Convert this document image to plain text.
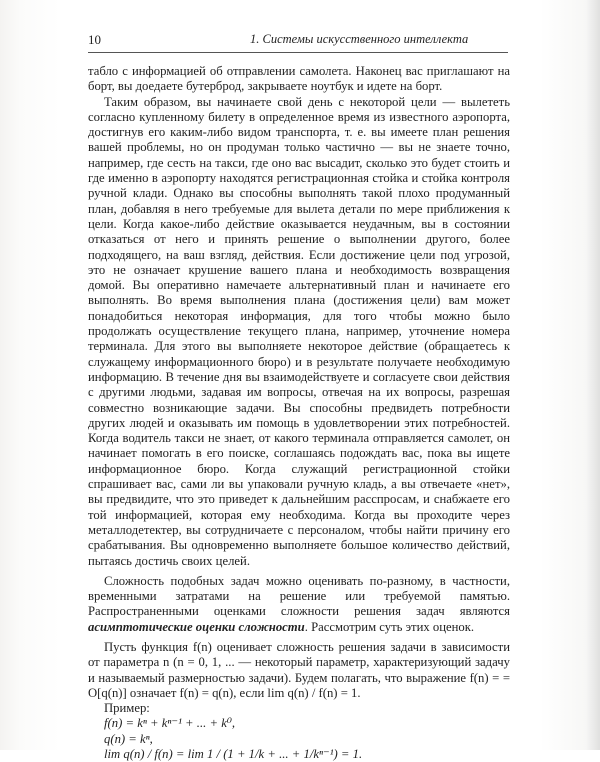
10	1. Системы искусственного интеллекта

табло с информацией об отправлении самолета. Наконец вас приглашают на борт, вы доедаете бутерброд, закрываете ноутбук и идете на борт.

Таким образом, вы начинаете свой день с некоторой цели — вылететь согласно купленному билету в определенное время из известного аэропорта, достигнув его каким-либо видом транспорта, т. е. вы имеете план решения вашей проблемы, но он продуман только частично — вы не знаете точно, например, где сесть на такси, где оно вас высадит, сколько это будет стоить и где именно в аэропорту находятся регистрационная стойка и стойка контроля ручной клади. Однако вы способны выполнять такой плохо продуманный план, добавляя в него требуемые для вылета детали по мере приближения к цели. Когда какое-либо действие оказывается неудачным, вы в состоянии отказаться от него и принять решение о выполнении другого, более подходящего, на ваш взгляд, действия. Если достижение цели под угрозой, это не означает крушение вашего плана и необходимость возвращения домой. Вы оперативно намечаете альтернативный план и начинаете его выполнять. Во время выполнения плана (достижения цели) вам может понадобиться некоторая информация, для того чтобы можно было продолжать осуществление текущего плана, например, уточнение номера терминала. Для этого вы выполняете некоторое действие (обращаетесь к служащему информационного бюро) и в результате получаете необходимую информацию. В течение дня вы взаимодействуете и согласуете свои действия с другими людьми, задавая им вопросы, отвечая на их вопросы, разрешая совместно возникающие задачи. Вы способны предвидеть потребности других людей и оказывать им помощь в удовлетворении этих потребностей. Когда водитель такси не знает, от какого терминала отправляется самолет, он начинает помогать в его поиске, соглашаясь подождать вас, пока вы ищете информационное бюро. Когда служащий регистрационной стойки спрашивает вас, сами ли вы упаковали ручную кладь, а вы отвечаете «нет», вы предвидите, что это приведет к дальнейшим расспросам, и снабжаете его той информацией, которая ему необходима. Когда вы проходите через металлодетектер, вы сотрудничаете с персоналом, чтобы найти причину его срабатывания. Вы одновременно выполняете большое количество действий, пытаясь достичь своих целей.

Сложность подобных задач можно оценивать по-разному, в частности, временными затратами на решение или требуемой памятью. Распространенными оценками сложности решения задач являются асимптотические оценки сложности. Рассмотрим суть этих оценок.

Пусть функция f(n) оценивает сложность решения задачи в зависимости от параметра n (n = 0, 1, ... — некоторый параметр, характеризующий задачу и называемый размерностью задачи). Будем полагать, что выражение f(n) = = O[q(n)] означает f(n) = q(n), если lim q(n) / f(n) = 1.

Пример:

f(n) = kⁿ + kⁿ⁻¹ + ... + k⁰,

q(n) = kⁿ,

lim q(n) / f(n) = lim 1 / (1 + 1/k + ... + 1/kⁿ⁻¹) = 1.
